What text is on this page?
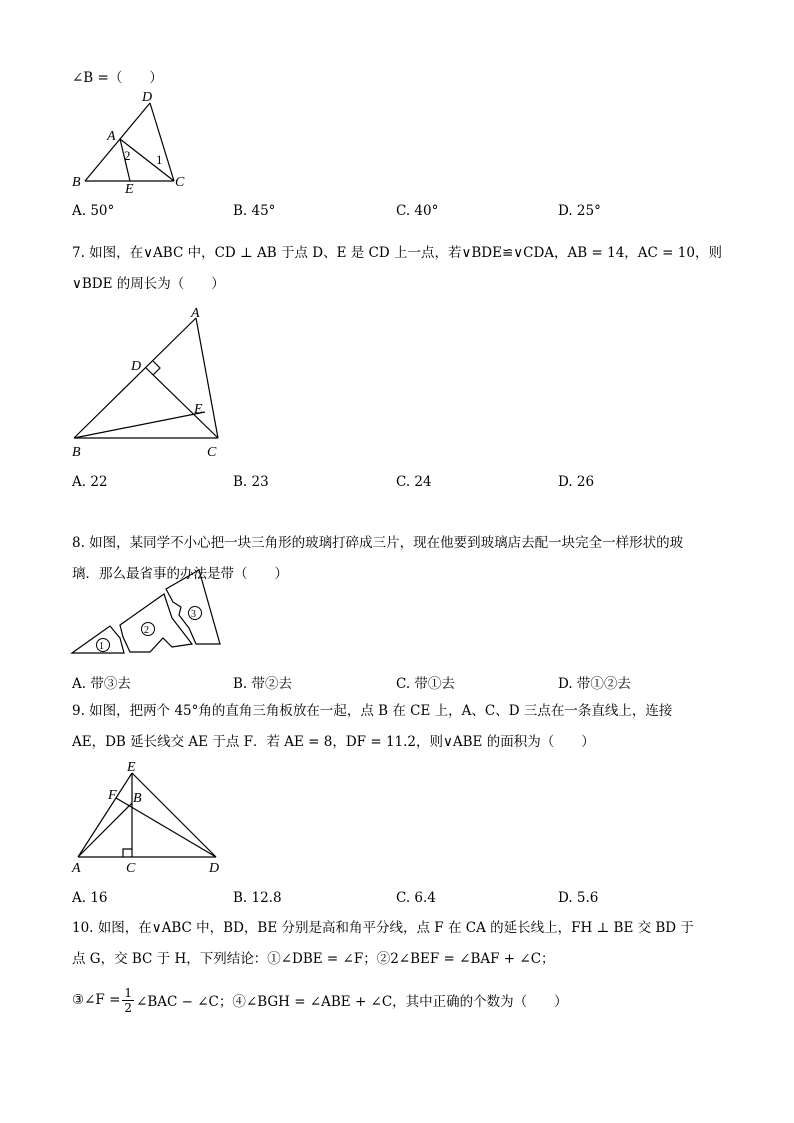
∠B =（　　）
D
A
B	E	C
1
2
A. 50°	B. 45°	C. 40°	D. 25°
7. 如图，在∨ABC 中，CD ⊥ AB 于点 D、E 是 CD 上一点，若∨BDE≌∨CDA，AB = 14，AC = 10，则
∨BDE 的周长为（　　）
A
D
E
B	C
A. 22	B. 23	C. 24	D. 26
8. 如图，某同学不小心把一块三角形的玻璃打碎成三片，现在他要到玻璃店去配一块完全一样形状的玻
璃．那么最省事的办法是带（　　）
1
2
3
A. 带③去	B. 带②去	C. 带①去	D. 带①②去
9. 如图，把两个 45°角的直角三角板放在一起，点 B 在 CE 上，A、C、D 三点在一条直线上，连接
AE，DB 延长线交 AE 于点 F．若 AE = 8，DF = 11.2，则∨ABE 的面积为（　　）
E
F B
A	C	D
A. 16	B. 12.8	C. 6.4	D. 5.6
10. 如图，在∨ABC 中，BD，BE 分别是高和角平分线，点 F 在 CA 的延长线上，FH ⊥ BE 交 BD 于
点 G，交 BC 于 H，下列结论：①∠DBE = ∠F；②2∠BEF = ∠BAF + ∠C；
③∠F = $\frac{1}{2}$ ∠BAC − ∠C；④∠BGH = ∠ABE + ∠C，其中正确的个数为（　　）
